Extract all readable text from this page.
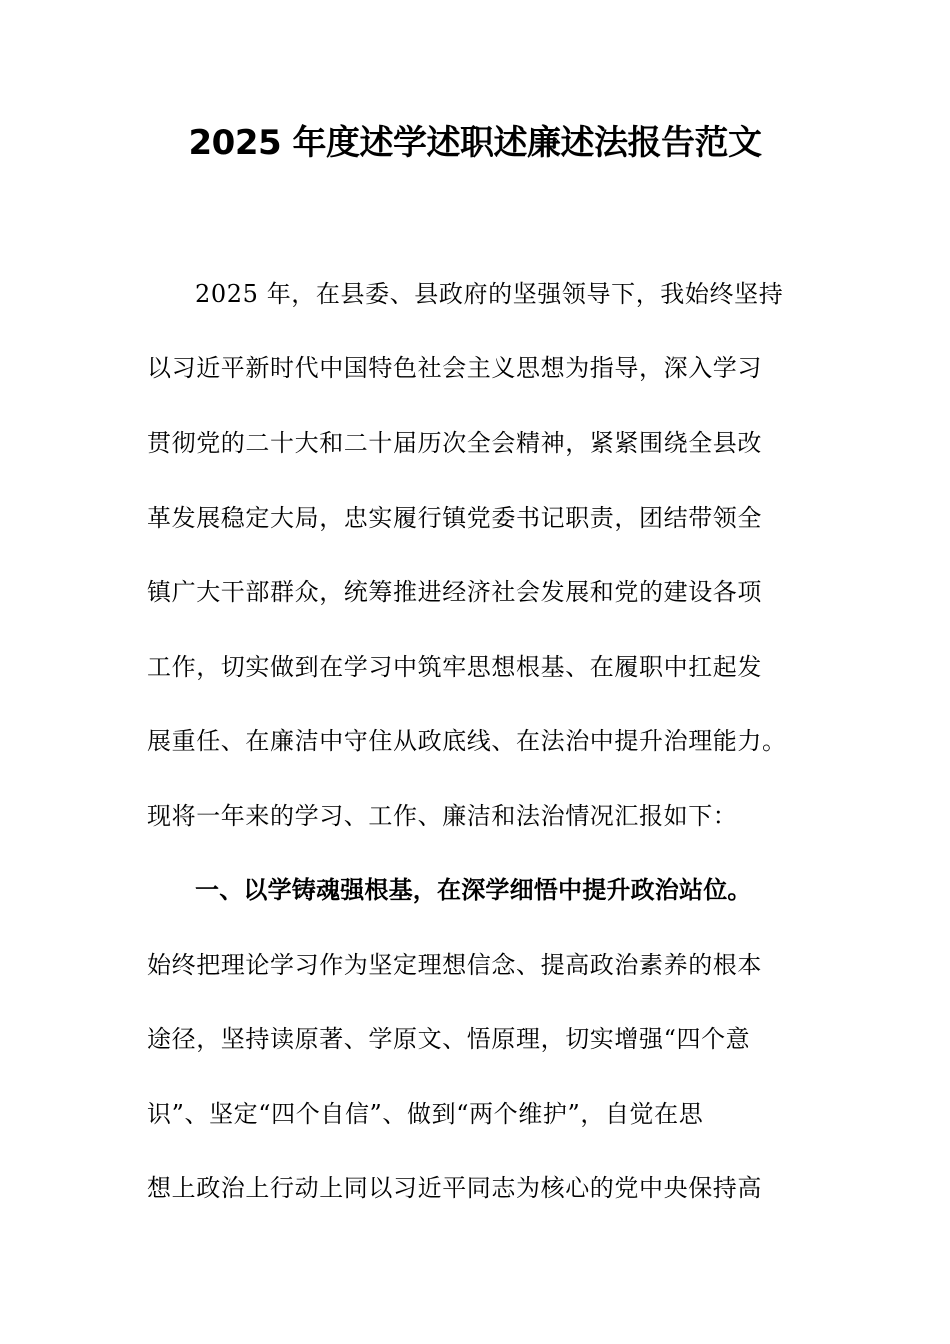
2025 年度述学述职述廉述法报告范文
2025 年，在县委、县政府的坚强领导下，我始终坚持
以习近平新时代中国特色社会主义思想为指导，深入学习
贯彻党的二十大和二十届历次全会精神，紧紧围绕全县改
革发展稳定大局，忠实履行镇党委书记职责，团结带领全
镇广大干部群众，统筹推进经济社会发展和党的建设各项
工作，切实做到在学习中筑牢思想根基、在履职中扛起发
展重任、在廉洁中守住从政底线、在法治中提升治理能力。
现将一年来的学习、工作、廉洁和法治情况汇报如下：
一、以学铸魂强根基，在深学细悟中提升政治站位。
始终把理论学习作为坚定理想信念、提高政治素养的根本
途径，坚持读原著、学原文、悟原理，切实增强“四个意
识”、坚定“四个自信”、做到“两个维护”，自觉在思
想上政治上行动上同以习近平同志为核心的党中央保持高
